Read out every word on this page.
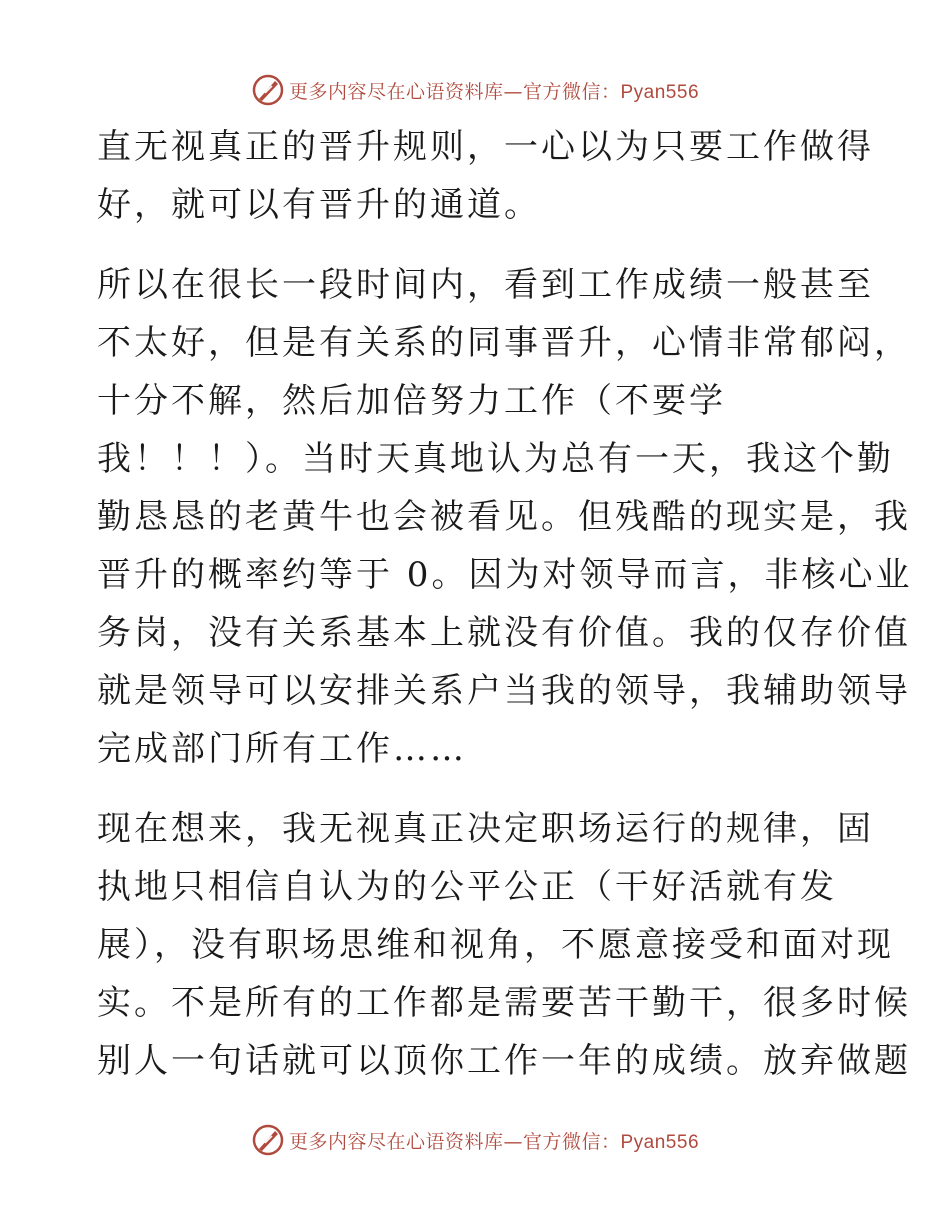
更多内容尽在心语资料库—官方微信：Pyan556

直无视真正的晋升规则，一心以为只要工作做得
好，就可以有晋升的通道。

所以在很长一段时间内，看到工作成绩一般甚至
不太好，但是有关系的同事晋升，心情非常郁闷，
十分不解，然后加倍努力工作（不要学
我！！！）。当时天真地认为总有一天，我这个勤
勤恳恳的老黄牛也会被看见。但残酷的现实是，我
晋升的概率约等于 0。因为对领导而言，非核心业
务岗，没有关系基本上就没有价值。我的仅存价值
就是领导可以安排关系户当我的领导，我辅助领导
完成部门所有工作……

现在想来，我无视真正决定职场运行的规律，固
执地只相信自认为的公平公正（干好活就有发
展），没有职场思维和视角，不愿意接受和面对现
实。不是所有的工作都是需要苦干勤干，很多时候
别人一句话就可以顶你工作一年的成绩。放弃做题

更多内容尽在心语资料库—官方微信：Pyan556
